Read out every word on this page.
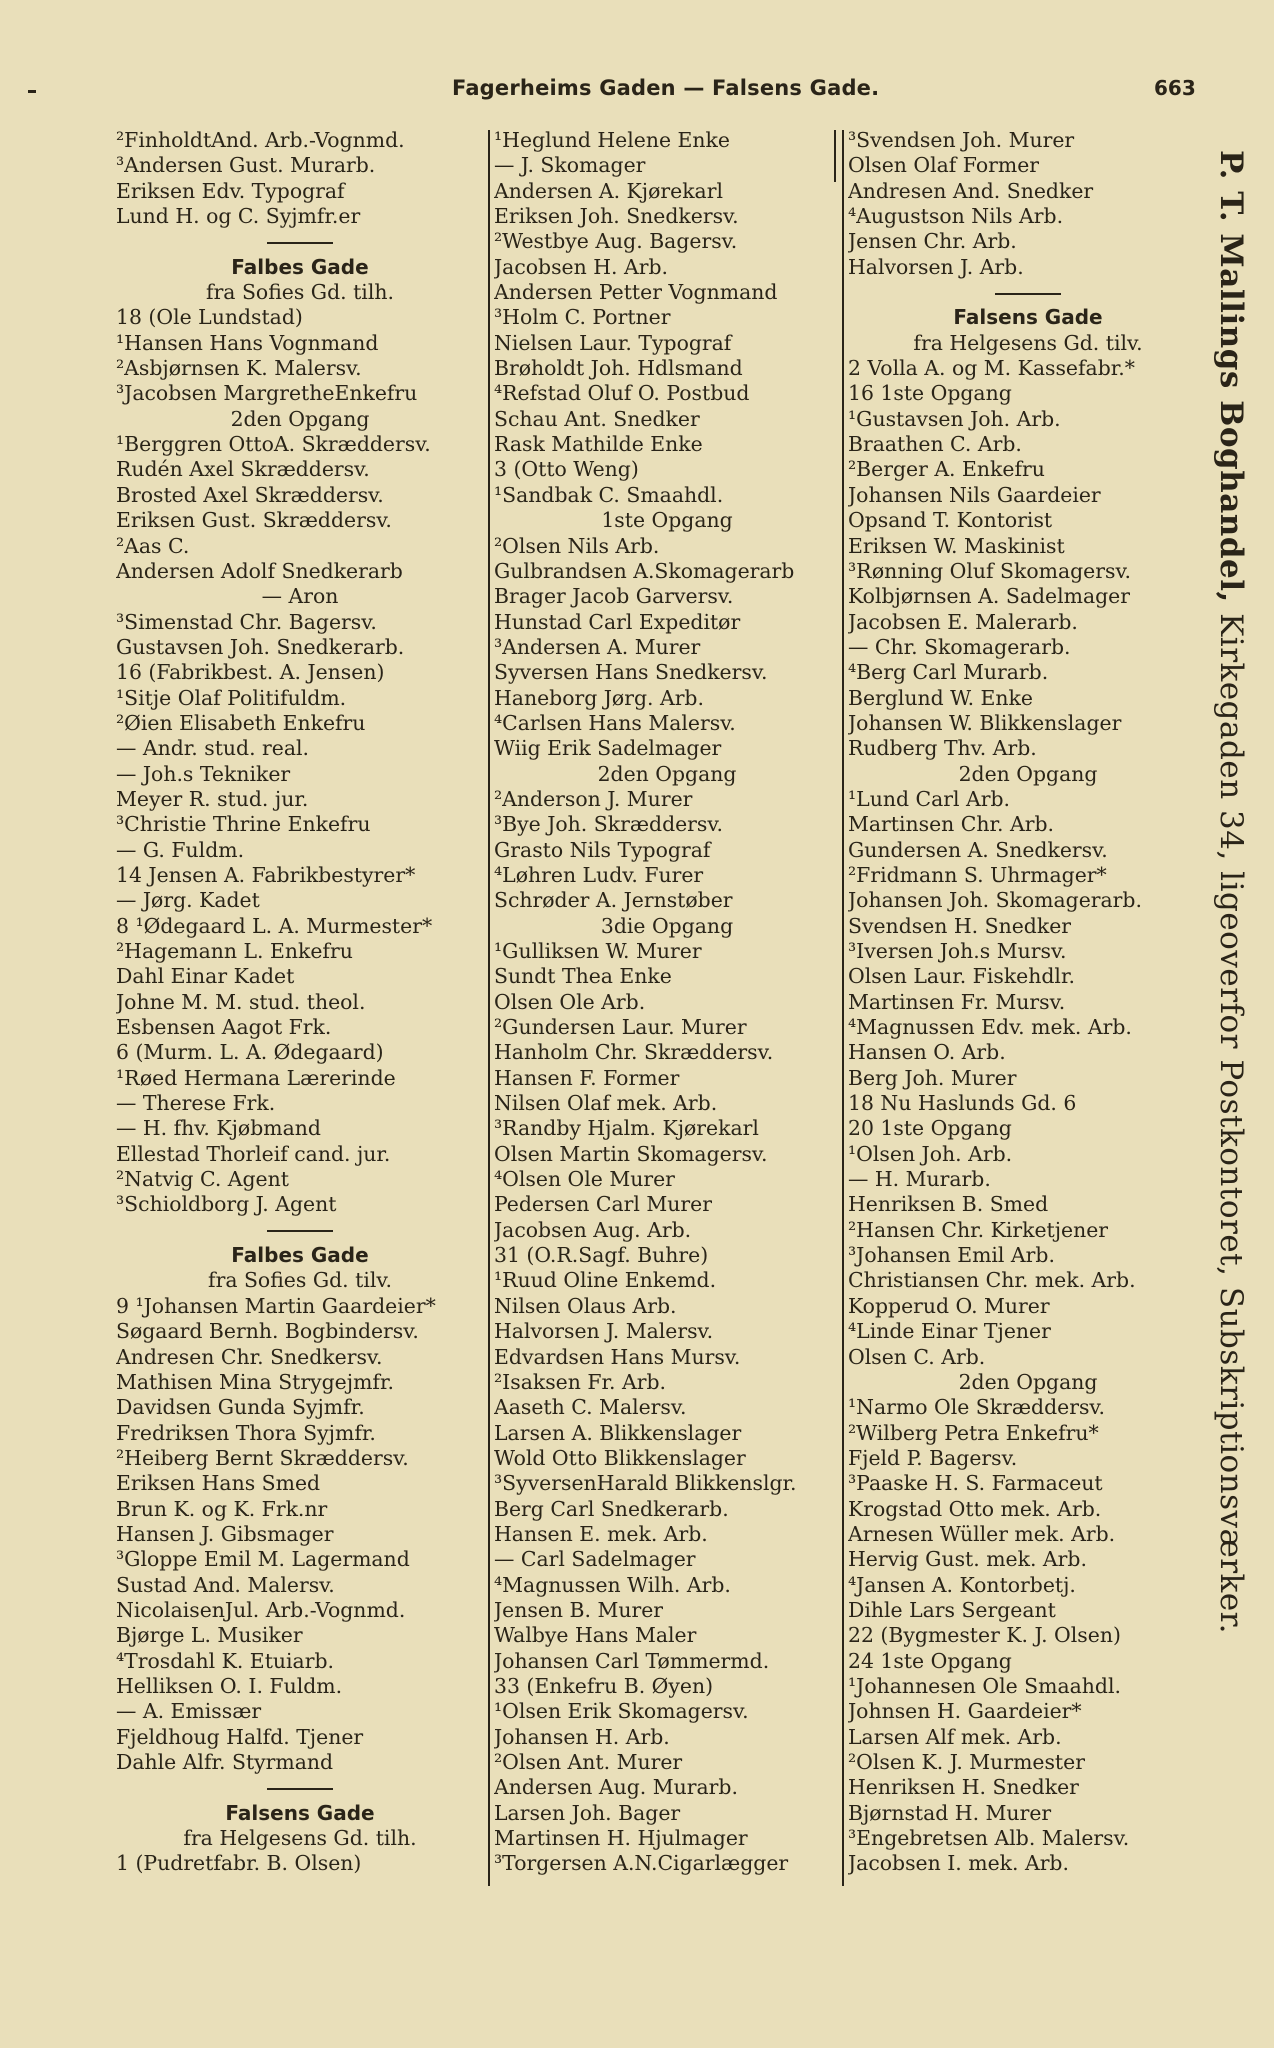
Fagerheims Gaden — Falsens Gade.	663
²FinholdtAnd. Arb.-Vognmd.
³Andersen Gust. Murarb.
Eriksen Edv. Typograf
Lund H. og C. Syjmfr.er
Falbes Gade
fra Sofies Gd. tilh.
18 (Ole Lundstad)
¹Hansen Hans Vognmand
²Asbjørnsen K. Malersv.
³Jacobsen MargretheEnkefru
2den Opgang
¹Berggren OttoA. Skræddersv.
Rudén Axel Skræddersv.
Brosted Axel Skræddersv.
Eriksen Gust. Skræddersv.
²Aas C.
Andersen Adolf Snedkerarb
— Aron
³Simenstad Chr. Bagersv.
Gustavsen Joh. Snedkerarb.
16 (Fabrikbest. A. Jensen)
¹Sitje Olaf Politifuldm.
²Øien Elisabeth Enkefru
— Andr. stud. real.
— Joh.s Tekniker
Meyer R. stud. jur.
³Christie Thrine Enkefru
— G. Fuldm.
14 Jensen A. Fabrikbestyrer*
— Jørg. Kadet
8 ¹Ødegaard L. A. Murmester*
²Hagemann L. Enkefru
Dahl Einar Kadet
Johne M. M. stud. theol.
Esbensen Aagot Frk.
6 (Murm. L. A. Ødegaard)
¹Røed Hermana Lærerinde
— Therese Frk.
— H. fhv. Kjøbmand
Ellestad Thorleif cand. jur.
²Natvig C. Agent
³Schioldborg J. Agent
Falbes Gade
fra Sofies Gd. tilv.
9 ¹Johansen Martin Gaardeier*
Søgaard Bernh. Bogbindersv.
Andresen Chr. Snedkersv.
Mathisen Mina Strygejmfr.
Davidsen Gunda Syjmfr.
Fredriksen Thora Syjmfr.
²Heiberg Bernt Skræddersv.
Eriksen Hans Smed
Brun K. og K. Frk.nr
Hansen J. Gibsmager
³Gloppe Emil M. Lagermand
Sustad And. Malersv.
NicolaisenJul. Arb.-Vognmd.
Bjørge L. Musiker
⁴Trosdahl K. Etuiarb.
Helliksen O. I. Fuldm.
— A. Emissær
Fjeldhoug Halfd. Tjener
Dahle Alfr. Styrmand
Falsens Gade
fra Helgesens Gd. tilh.
1 (Pudretfabr. B. Olsen)
¹Heglund Helene Enke
— J. Skomager
Andersen A. Kjørekarl
Eriksen Joh. Snedkersv.
²Westbye Aug. Bagersv.
Jacobsen H. Arb.
Andersen Petter Vognmand
³Holm C. Portner
Nielsen Laur. Typograf
Brøholdt Joh. Hdlsmand
⁴Refstad Oluf O. Postbud
Schau Ant. Snedker
Rask Mathilde Enke
3 (Otto Weng)
¹Sandbak C. Smaahdl.
1ste Opgang
²Olsen Nils Arb.
Gulbrandsen A.Skomagerarb
Brager Jacob Garversv.
Hunstad Carl Expeditør
³Andersen A. Murer
Syversen Hans Snedkersv.
Haneborg Jørg. Arb.
⁴Carlsen Hans Malersv.
Wiig Erik Sadelmager
2den Opgang
²Anderson J. Murer
³Bye Joh. Skræddersv.
Grasto Nils Typograf
⁴Løhren Ludv. Furer
Schrøder A. Jernstøber
3die Opgang
¹Gulliksen W. Murer
Sundt Thea Enke
Olsen Ole Arb.
²Gundersen Laur. Murer
Hanholm Chr. Skræddersv.
Hansen F. Former
Nilsen Olaf mek. Arb.
³Randby Hjalm. Kjørekarl
Olsen Martin Skomagersv.
⁴Olsen Ole Murer
Pedersen Carl Murer
Jacobsen Aug. Arb.
31 (O.R.Sagf. Buhre)
¹Ruud Oline Enkemd.
Nilsen Olaus Arb.
Halvorsen J. Malersv.
Edvardsen Hans Mursv.
²Isaksen Fr. Arb.
Aaseth C. Malersv.
Larsen A. Blikkenslager
Wold Otto Blikkenslager
³SyversenHarald Blikkenslgr.
Berg Carl Snedkerarb.
Hansen E. mek. Arb.
— Carl Sadelmager
⁴Magnussen Wilh. Arb.
Jensen B. Murer
Walbye Hans Maler
Johansen Carl Tømmermd.
33 (Enkefru B. Øyen)
¹Olsen Erik Skomagersv.
Johansen H. Arb.
²Olsen Ant. Murer
Andersen Aug. Murarb.
Larsen Joh. Bager
Martinsen H. Hjulmager
³Torgersen A.N.Cigarlægger
³Svendsen Joh. Murer
Olsen Olaf Former
Andresen And. Snedker
⁴Augustson Nils Arb.
Jensen Chr. Arb.
Halvorsen J. Arb.
Falsens Gade
fra Helgesens Gd. tilv.
2 Volla A. og M. Kassefabr.*
16 1ste Opgang
¹Gustavsen Joh. Arb.
Braathen C. Arb.
²Berger A. Enkefru
Johansen Nils Gaardeier
Opsand T. Kontorist
Eriksen W. Maskinist
³Rønning Oluf Skomagersv.
Kolbjørnsen A. Sadelmager
Jacobsen E. Malerarb.
— Chr. Skomagerarb.
⁴Berg Carl Murarb.
Berglund W. Enke
Johansen W. Blikkenslager
Rudberg Thv. Arb.
2den Opgang
¹Lund Carl Arb.
Martinsen Chr. Arb.
Gundersen A. Snedkersv.
²Fridmann S. Uhrmager*
Johansen Joh. Skomagerarb.
Svendsen H. Snedker
³Iversen Joh.s Mursv.
Olsen Laur. Fiskehdlr.
Martinsen Fr. Mursv.
⁴Magnussen Edv. mek. Arb.
Hansen O. Arb.
Berg Joh. Murer
18 Nu Haslunds Gd. 6
20 1ste Opgang
¹Olsen Joh. Arb.
— H. Murarb.
Henriksen B. Smed
²Hansen Chr. Kirketjener
³Johansen Emil Arb.
Christiansen Chr. mek. Arb.
Kopperud O. Murer
⁴Linde Einar Tjener
Olsen C. Arb.
2den Opgang
¹Narmo Ole Skræddersv.
²Wilberg Petra Enkefru*
Fjeld P. Bagersv.
³Paaske H. S. Farmaceut
Krogstad Otto mek. Arb.
Arnesen Wüller mek. Arb.
Hervig Gust. mek. Arb.
⁴Jansen A. Kontorbetj.
Dihle Lars Sergeant
22 (Bygmester K. J. Olsen)
24 1ste Opgang
¹Johannesen Ole Smaahdl.
Johnsen H. Gaardeier*
Larsen Alf mek. Arb.
²Olsen K. J. Murmester
Henriksen H. Snedker
Bjørnstad H. Murer
³Engebretsen Alb. Malersv.
Jacobsen I. mek. Arb.
P. T. Mallings Boghandel, Kirkegaden 34, ligeoverfor Postkontoret, Subskriptionsværker.
